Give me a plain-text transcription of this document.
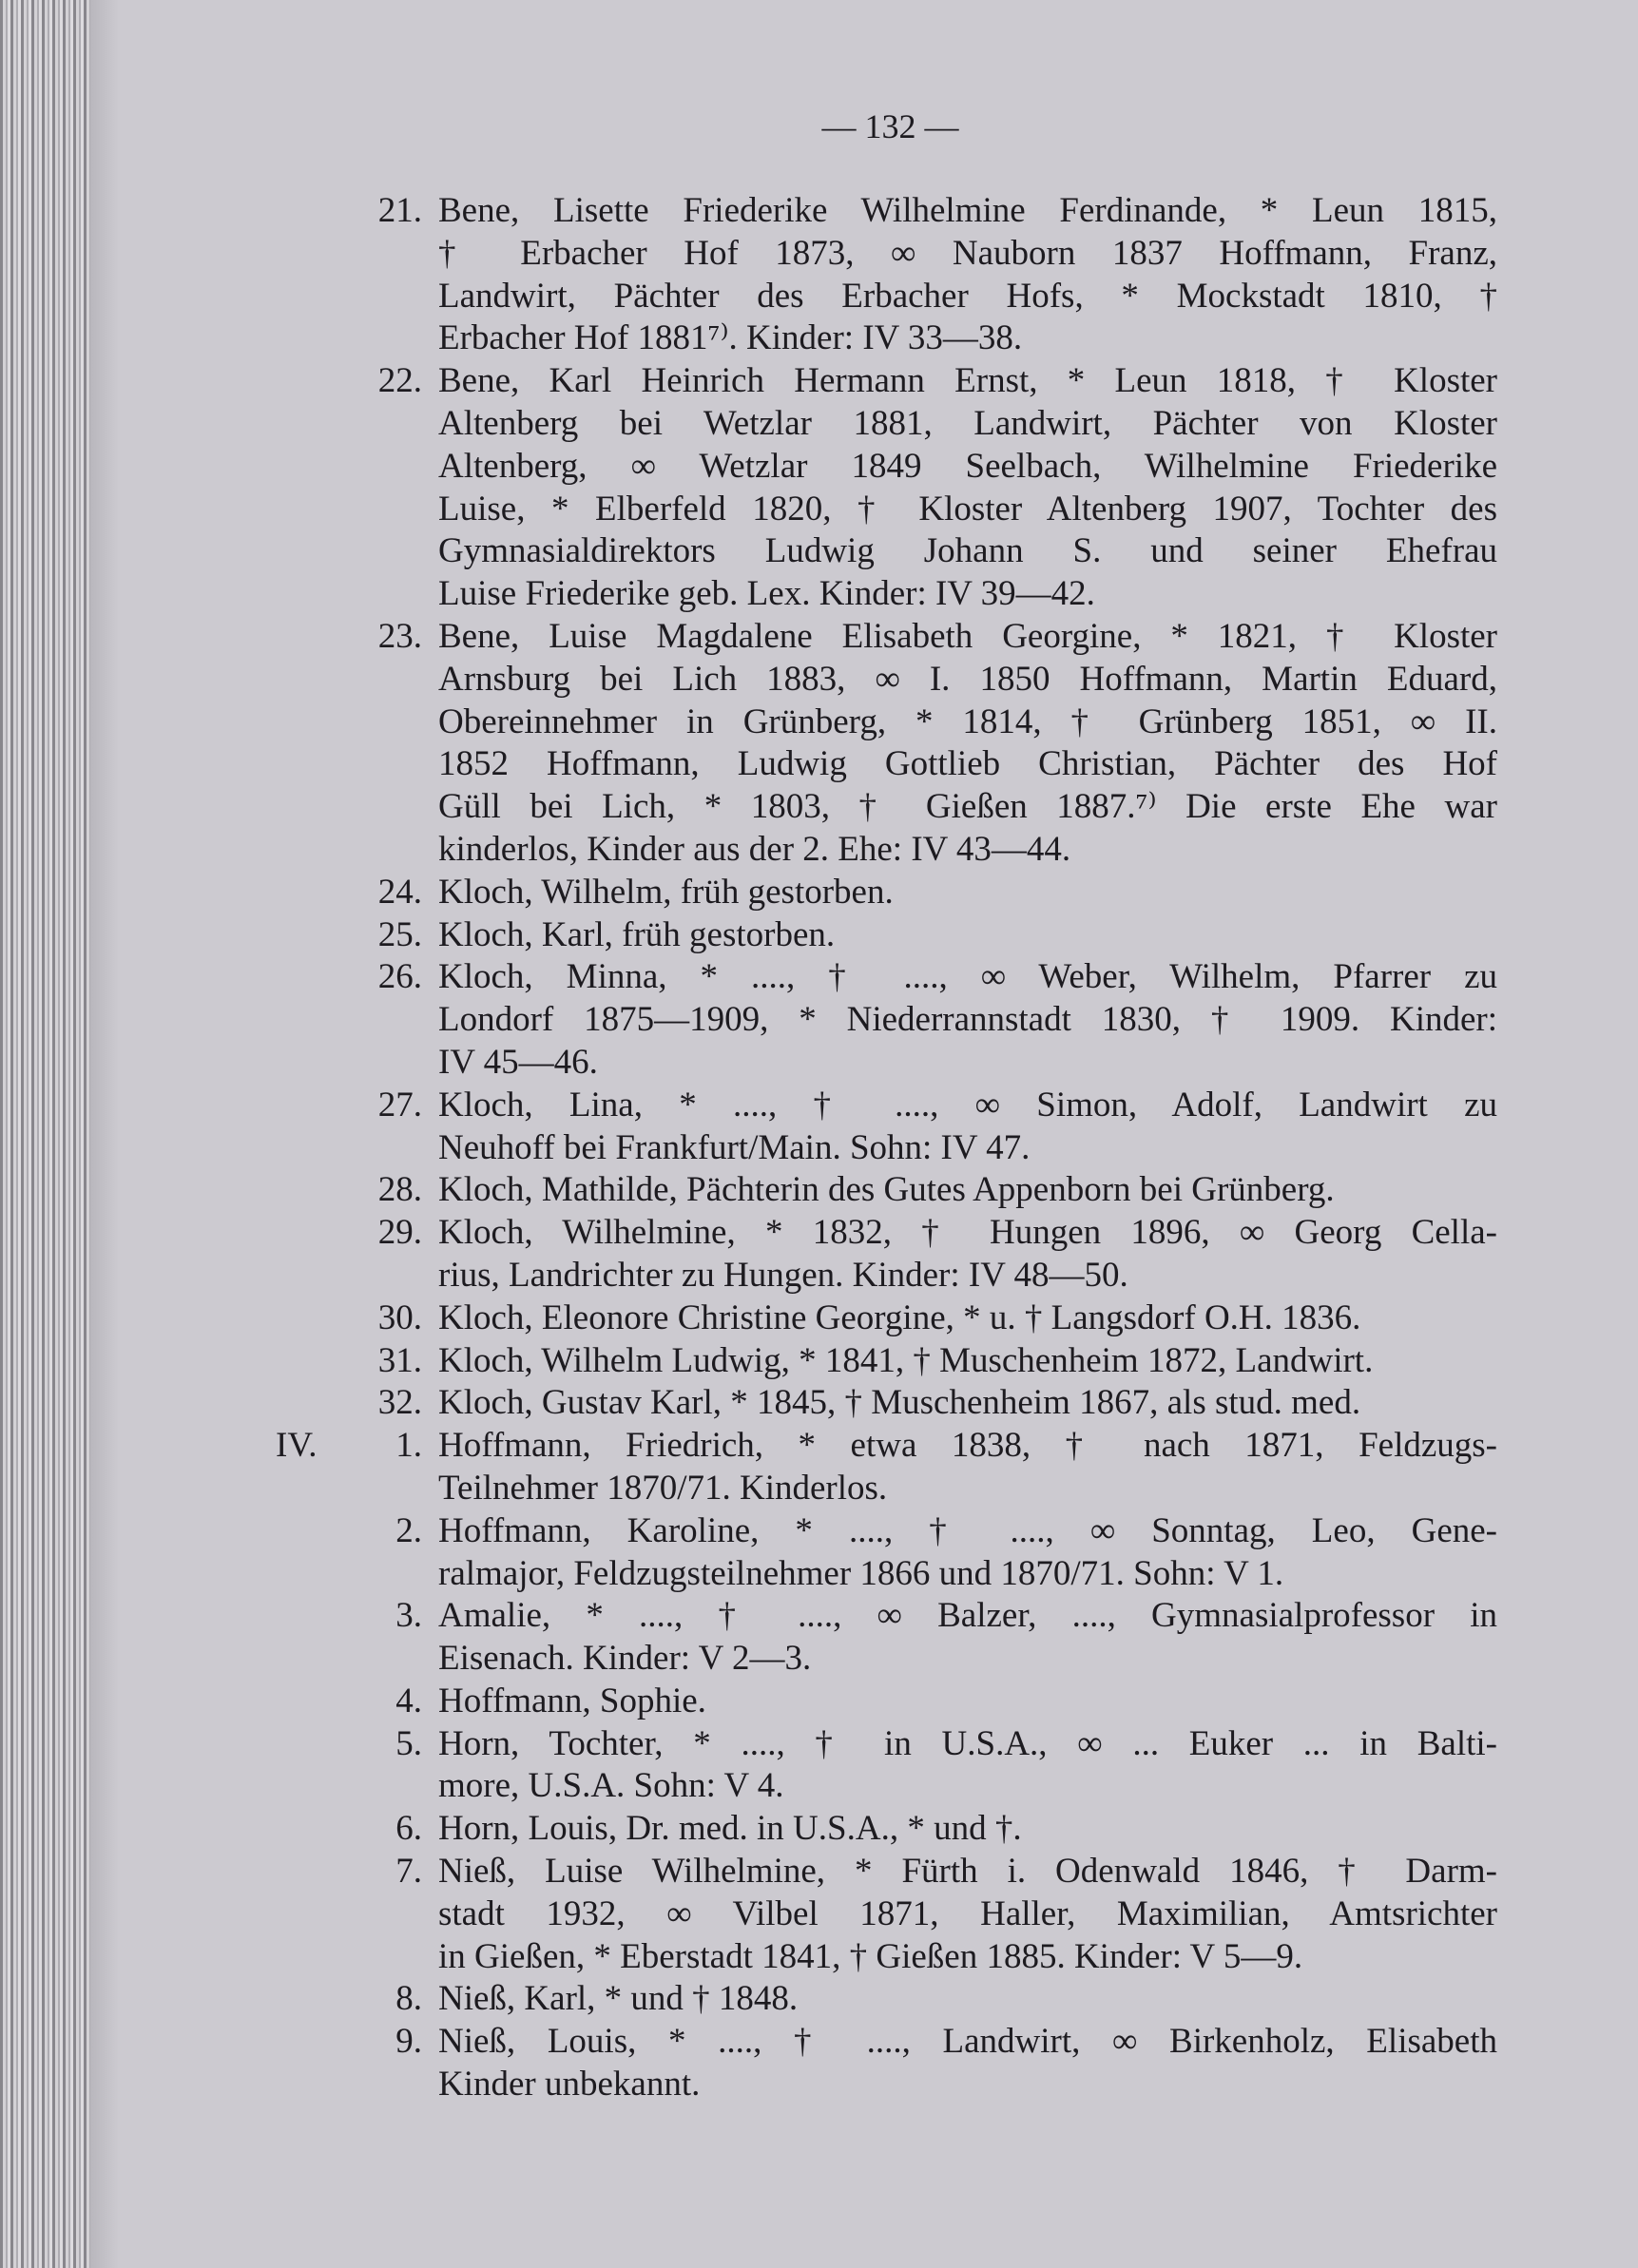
— 132 —
21. Bene, Lisette Friederike Wilhelmine Ferdinande, * Leun 1815,
† Erbacher Hof 1873, ∞ Nauborn 1837 Hoffmann, Franz,
Landwirt, Pächter des Erbacher Hofs, * Mockstadt 1810, †
Erbacher Hof 1881⁷⁾. Kinder: IV 33—38.
22. Bene, Karl Heinrich Hermann Ernst, * Leun 1818, † Kloster
Altenberg bei Wetzlar 1881, Landwirt, Pächter von Kloster
Altenberg, ∞ Wetzlar 1849 Seelbach, Wilhelmine Friederike
Luise, * Elberfeld 1820, † Kloster Altenberg 1907, Tochter des
Gymnasialdirektors Ludwig Johann S. und seiner Ehefrau
Luise Friederike geb. Lex. Kinder: IV 39—42.
23. Bene, Luise Magdalene Elisabeth Georgine, * 1821, † Kloster
Arnsburg bei Lich 1883, ∞ I. 1850 Hoffmann, Martin Eduard,
Obereinnehmer in Grünberg, * 1814, † Grünberg 1851, ∞ II.
1852 Hoffmann, Ludwig Gottlieb Christian, Pächter des Hof
Güll bei Lich, * 1803, † Gießen 1887.⁷⁾ Die erste Ehe war
kinderlos, Kinder aus der 2. Ehe: IV 43—44.
24. Kloch, Wilhelm, früh gestorben.
25. Kloch, Karl, früh gestorben.
26. Kloch, Minna, * ...., † ...., ∞ Weber, Wilhelm, Pfarrer zu
Londorf 1875—1909, * Niederrannstadt 1830, † 1909. Kinder:
IV 45—46.
27. Kloch, Lina, * ...., † ...., ∞ Simon, Adolf, Landwirt zu
Neuhoff bei Frankfurt/Main. Sohn: IV 47.
28. Kloch, Mathilde, Pächterin des Gutes Appenborn bei Grünberg.
29. Kloch, Wilhelmine, * 1832, † Hungen 1896, ∞ Georg Cella-
rius, Landrichter zu Hungen. Kinder: IV 48—50.
30. Kloch, Eleonore Christine Georgine, * u. † Langsdorf O.H. 1836.
31. Kloch, Wilhelm Ludwig, * 1841, † Muschenheim 1872, Landwirt.
32. Kloch, Gustav Karl, * 1845, † Muschenheim 1867, als stud. med.
IV.	1. Hoffmann, Friedrich, * etwa 1838, † nach 1871, Feldzugs-
Teilnehmer 1870/71. Kinderlos.
2. Hoffmann, Karoline, * ...., † ...., ∞ Sonntag, Leo, Gene-
ralmajor, Feldzugsteilnehmer 1866 und 1870/71. Sohn: V 1.
3. Amalie, * ...., † ...., ∞ Balzer, ...., Gymnasialprofessor in
Eisenach. Kinder: V 2—3.
4. Hoffmann, Sophie.
5. Horn, Tochter, * ...., † in U.S.A., ∞ ... Euker ... in Balti-
more, U.S.A. Sohn: V 4.
6. Horn, Louis, Dr. med. in U.S.A., * und †.
7. Nieß, Luise Wilhelmine, * Fürth i. Odenwald 1846, † Darm-
stadt 1932, ∞ Vilbel 1871, Haller, Maximilian, Amtsrichter
in Gießen, * Eberstadt 1841, † Gießen 1885. Kinder: V 5—9.
8. Nieß, Karl, * und † 1848.
9. Nieß, Louis, * ...., † ...., Landwirt, ∞ Birkenholz, Elisabeth
Kinder unbekannt.
